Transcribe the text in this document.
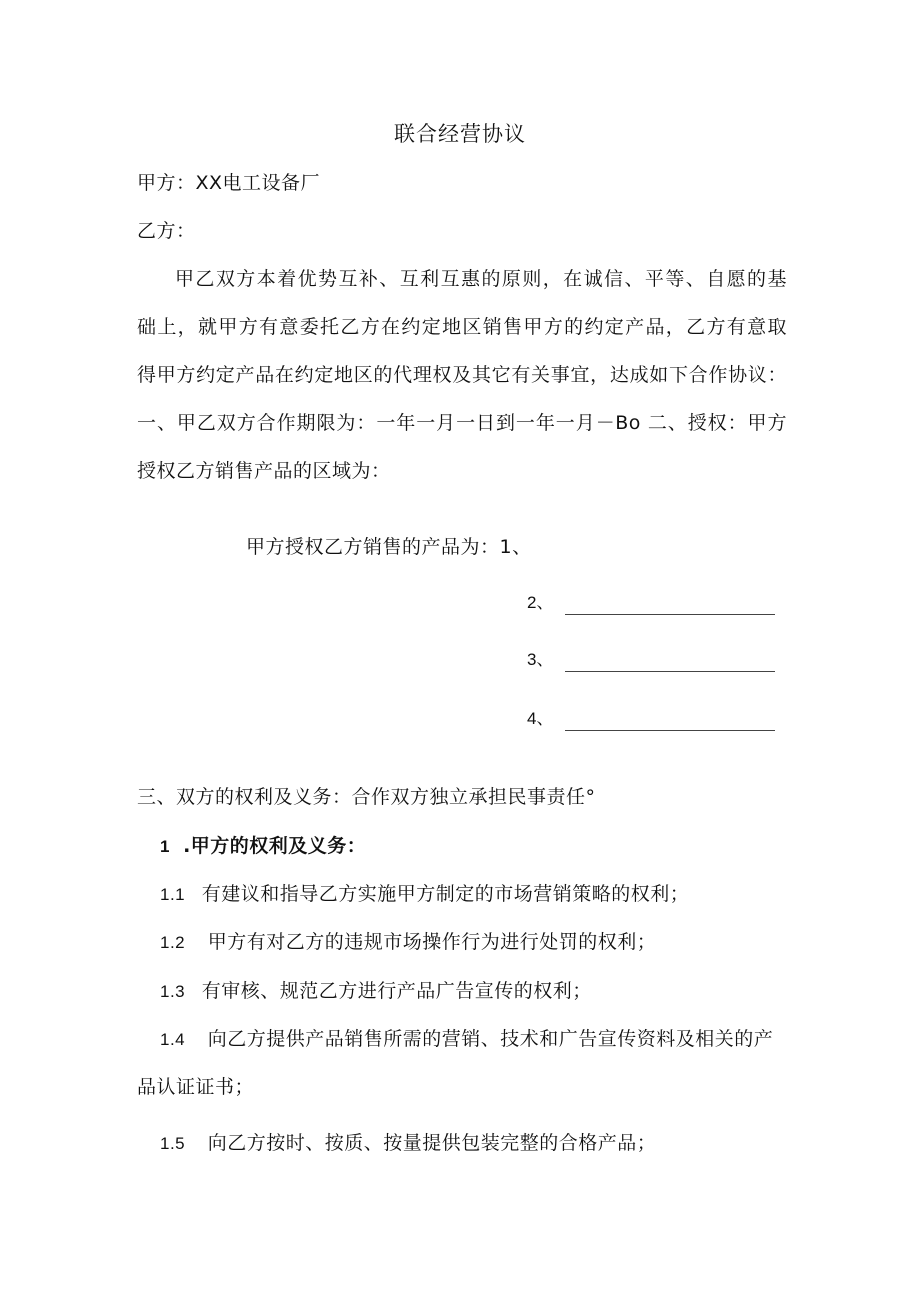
联合经营协议
甲方：XX电工设备厂
乙方：
甲乙双方本着优势互补、互利互惠的原则，在诚信、平等、自愿的基
础上，就甲方有意委托乙方在约定地区销售甲方的约定产品，乙方有意取
得甲方约定产品在约定地区的代理权及其它有关事宜，达成如下合作协议：
一、甲乙双方合作期限为：一年一月一日到一年一月－Bo 二、授权：甲方
授权乙方销售产品的区域为：
甲方授权乙方销售的产品为：1、
2、
3、
4、
三、双方的权利及义务：合作双方独立承担民事责任°
1 .甲方的权利及义务：
1.1 有建议和指导乙方实施甲方制定的市场营销策略的权利；
1.2 甲方有对乙方的违规市场操作行为进行处罚的权利；
1.3 有审核、规范乙方进行产品广告宣传的权利；
1.4 向乙方提供产品销售所需的营销、技术和广告宣传资料及相关的产
品认证证书；
1.5 向乙方按时、按质、按量提供包装完整的合格产品；
